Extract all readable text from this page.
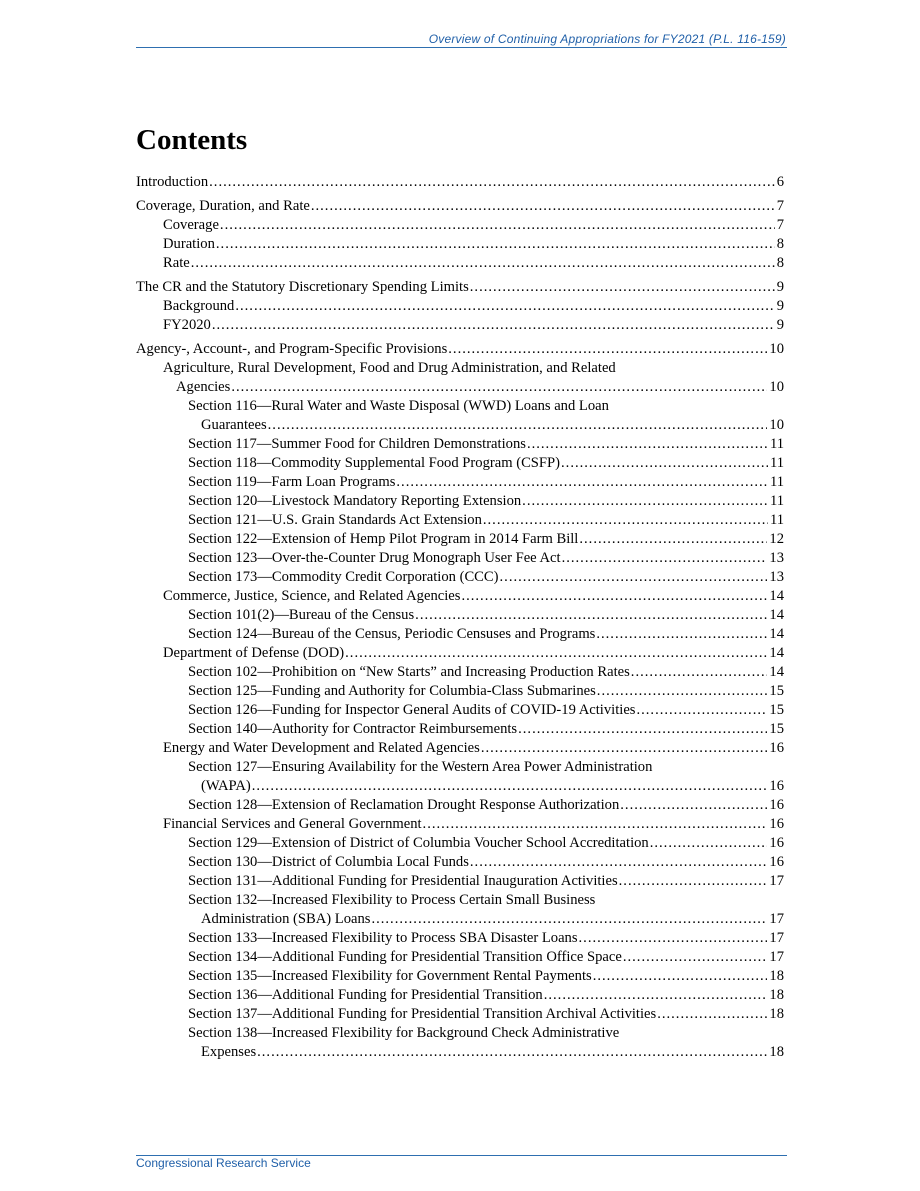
Overview of Continuing Appropriations for FY2021 (P.L. 116-159)
Contents
Introduction .....	6
Coverage, Duration, and Rate .....	7
Coverage .....	7
Duration .....	8
Rate .....	8
The CR and the Statutory Discretionary Spending Limits .....	9
Background .....	9
FY2020 .....	9
Agency-, Account-, and Program-Specific Provisions .....	10
Agriculture, Rural Development, Food and Drug Administration, and Related
Agencies .....	10
Section 116—Rural Water and Waste Disposal (WWD) Loans and Loan
Guarantees .....	10
Section 117—Summer Food for Children Demonstrations .....	11
Section 118—Commodity Supplemental Food Program (CSFP) .....	11
Section 119—Farm Loan Programs .....	11
Section 120—Livestock Mandatory Reporting Extension .....	11
Section 121—U.S. Grain Standards Act Extension .....	11
Section 122—Extension of Hemp Pilot Program in 2014 Farm Bill .....	12
Section 123—Over-the-Counter Drug Monograph User Fee Act .....	13
Section 173—Commodity Credit Corporation (CCC) .....	13
Commerce, Justice, Science, and Related Agencies .....	14
Section 101(2)—Bureau of the Census .....	14
Section 124—Bureau of the Census, Periodic Censuses and Programs .....	14
Department of Defense (DOD) .....	14
Section 102—Prohibition on “New Starts” and Increasing Production Rates .....	14
Section 125—Funding and Authority for Columbia-Class Submarines .....	15
Section 126—Funding for Inspector General Audits of COVID-19 Activities .....	15
Section 140—Authority for Contractor Reimbursements .....	15
Energy and Water Development and Related Agencies .....	16
Section 127—Ensuring Availability for the Western Area Power Administration
(WAPA) .....	16
Section 128—Extension of Reclamation Drought Response Authorization .....	16
Financial Services and General Government .....	16
Section 129—Extension of District of Columbia Voucher School Accreditation .....	16
Section 130—District of Columbia Local Funds .....	16
Section 131—Additional Funding for Presidential Inauguration Activities .....	17
Section 132—Increased Flexibility to Process Certain Small Business
Administration (SBA) Loans .....	17
Section 133—Increased Flexibility to Process SBA Disaster Loans .....	17
Section 134—Additional Funding for Presidential Transition Office Space .....	17
Section 135—Increased Flexibility for Government Rental Payments .....	18
Section 136—Additional Funding for Presidential Transition .....	18
Section 137—Additional Funding for Presidential Transition Archival Activities .....	18
Section 138—Increased Flexibility for Background Check Administrative
Expenses .....	18
Congressional Research Service
